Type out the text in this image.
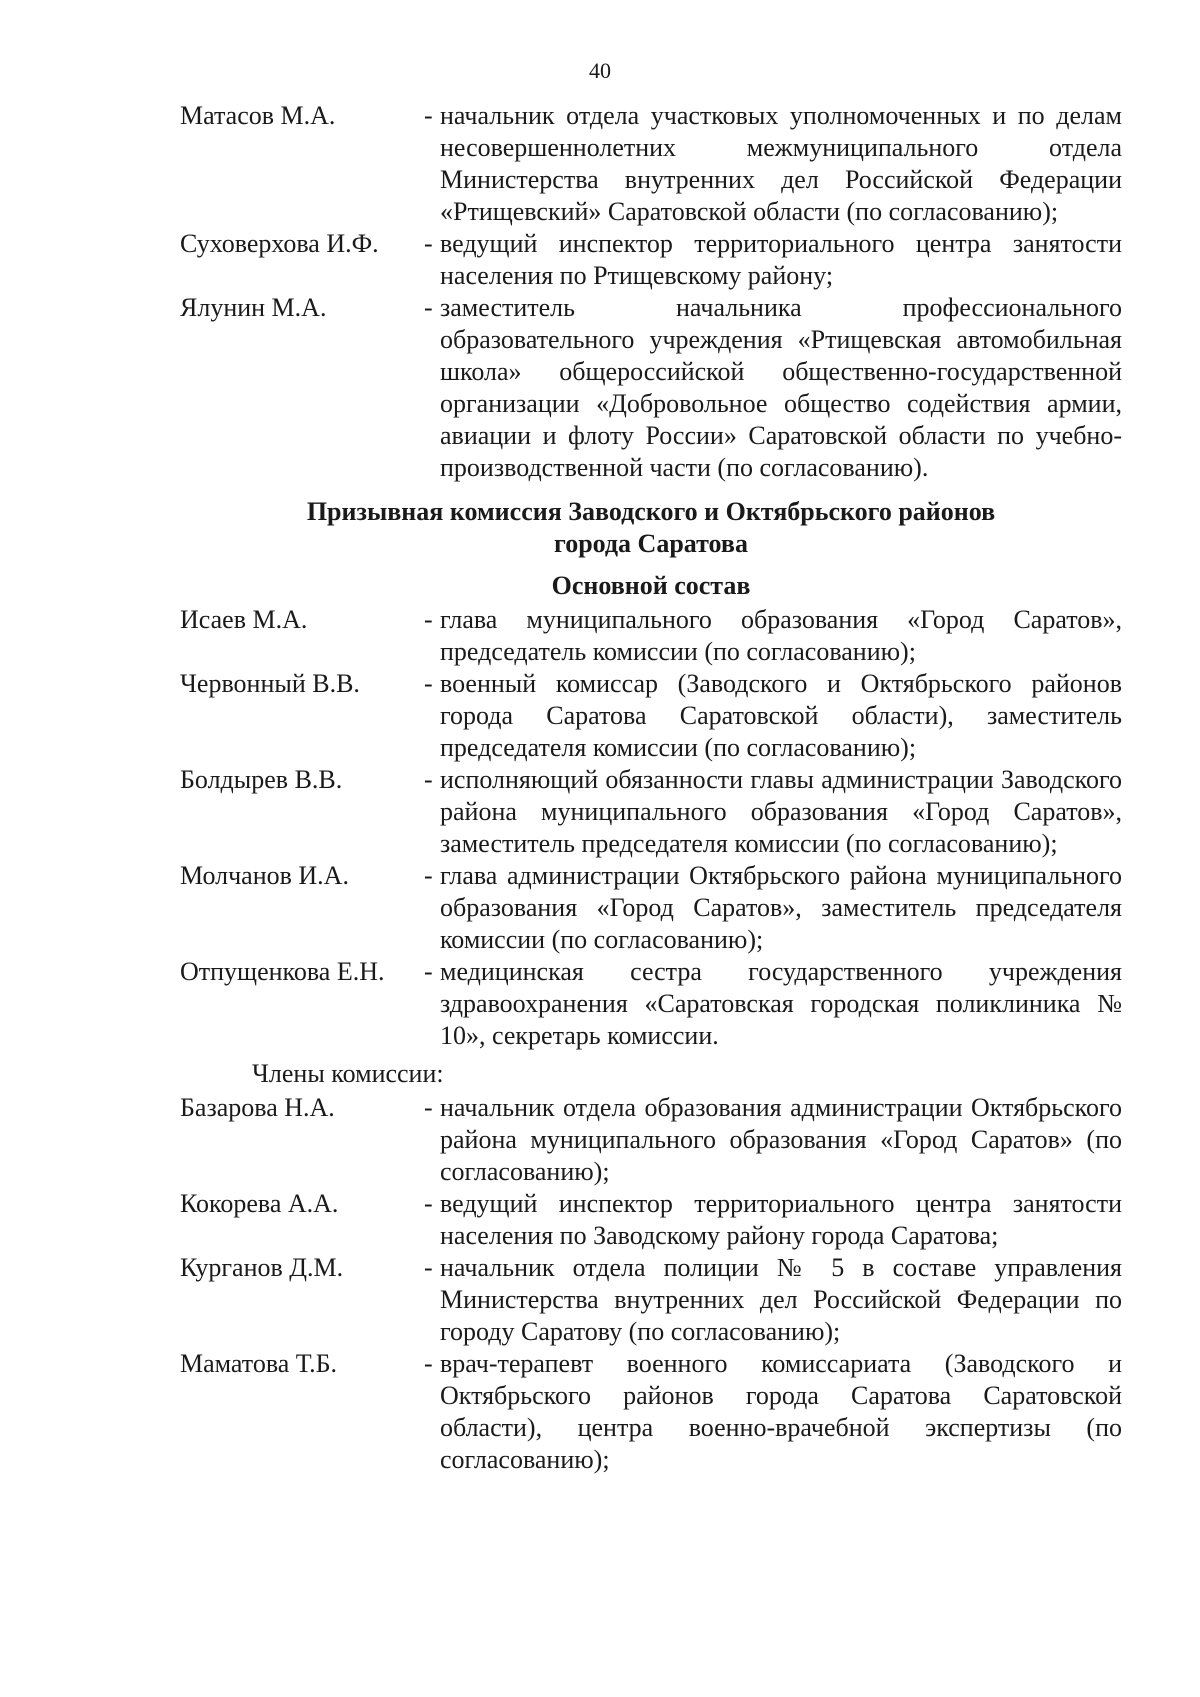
40
Матасов М.А.	- начальник отдела участковых уполномоченных и по делам несовершеннолетних межмуниципального отдела Министерства внутренних дел Российской Федерации «Ртищевский» Саратовской области (по согласованию);
Суховерхова И.Ф.	- ведущий инспектор территориального центра занятости населения по Ртищевскому району;
Ялунин М.А.	- заместитель начальника профессионального образовательного учреждения «Ртищевская автомобильная школа» общероссийской общественно-государственной организации «Добровольное общество содействия армии, авиации и флоту России» Саратовской области по учебно-производственной части (по согласованию).
Призывная комиссия Заводского и Октябрьского районов
города Саратова
Основной состав
Исаев М.А.	- глава муниципального образования «Город Саратов», председатель комиссии (по согласованию);
Червонный В.В.	- военный комиссар (Заводского и Октябрьского районов города Саратова Саратовской области), заместитель председателя комиссии (по согласованию);
Болдырев В.В.	- исполняющий обязанности главы администрации Заводского района муниципального образования «Город Саратов», заместитель председателя комиссии (по согласованию);
Молчанов И.А.	- глава администрации Октябрьского района муниципального образования «Город Саратов», заместитель председателя комиссии (по согласованию);
Отпущенкова Е.Н.	- медицинская сестра государственного учреждения здравоохранения «Саратовская городская поликлиника № 10», секретарь комиссии.
Члены комиссии:
Базарова Н.А.	- начальник отдела образования администрации Октябрьского района муниципального образования «Город Саратов» (по согласованию);
Кокорева А.А.	- ведущий инспектор территориального центра занятости населения по Заводскому району города Саратова;
Курганов Д.М.	- начальник отдела полиции № 5 в составе управления Министерства внутренних дел Российской Федерации по городу Саратову (по согласованию);
Маматова Т.Б.	- врач-терапевт военного комиссариата (Заводского и Октябрьского районов города Саратова Саратовской области), центра военно-врачебной экспертизы (по согласованию);
